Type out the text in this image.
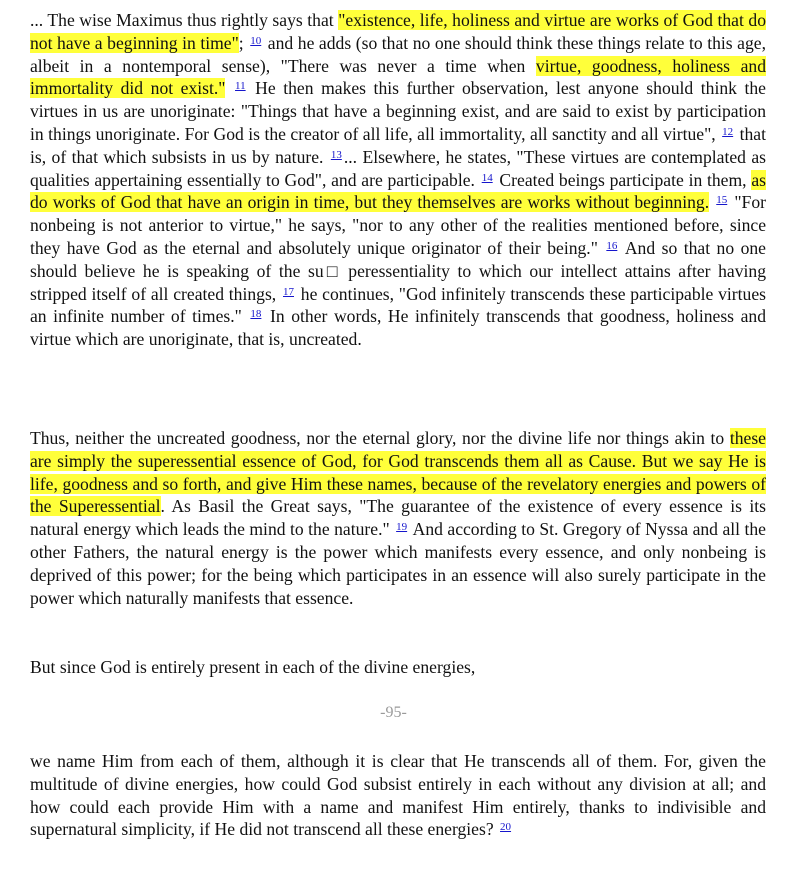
... The wise Maximus thus rightly says that "existence, life, holiness and virtue are works of God that do not have a beginning in time"; $^{10}$ and he adds (so that no one should think these things relate to this age, albeit in a nontemporal sense), "There was never a time when virtue, goodness, holiness and immortality did not exist." $^{11}$ He then makes this further observation, lest anyone should think the virtues in us are unoriginate: "Things that have a beginning exist, and are said to exist by participation in things unoriginate. For God is the creator of all life, all immortality, all sanctity and all virtue", $^{12}$ that is, of that which subsists in us by nature. $^{13}$ ... Elsewhere, he states, "These virtues are contemplated as qualities appertaining essentially to God", and are participable. $^{14}$ Created beings participate in them, as do works of God that have an origin in time, but they themselves are works without beginning. $^{15}$ "For nonbeing is not anterior to virtue," he says, "nor to any other of the realities mentioned before, since they have God as the eternal and absolutely unique originator of their being." $^{16}$ And so that no one should believe he is speaking of the su□ peressentiality to which our intellect attains after having stripped itself of all created things, $^{17}$ he continues, "God infinitely transcends these participable virtues an infinite number of times." $^{18}$ In other words, He infinitely transcends that goodness, holiness and virtue which are unoriginate, that is, uncreated.

Thus, neither the uncreated goodness, nor the eternal glory, nor the divine life nor things akin to these are simply the superessential essence of God, for God transcends them all as Cause. But we say He is life, goodness and so forth, and give Him these names, because of the revelatory energies and powers of the Superessential. As Basil the Great says, "The guarantee of the existence of every essence is its natural energy which leads the mind to the nature." $^{19}$ And according to St. Gregory of Nyssa and all the other Fathers, the natural energy is the power which manifests every essence, and only nonbeing is deprived of this power; for the being which participates in an essence will also surely participate in the power which naturally manifests that essence.

But since God is entirely present in each of the divine energies,

-95-

we name Him from each of them, although it is clear that He transcends all of them. For, given the multitude of divine energies, how could God subsist entirely in each without any division at all; and how could each provide Him with a name and manifest Him entirely, thanks to indivisible and supernatural simplicity, if He did not transcend all these energies? $^{20}$
